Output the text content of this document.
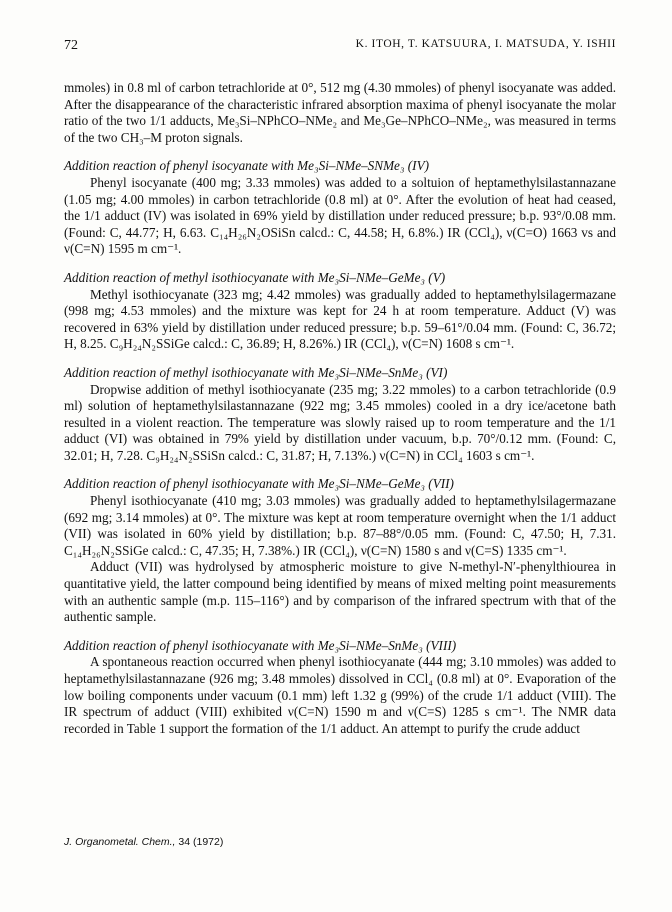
72	K. ITOH, T. KATSUURA, I. MATSUDA, Y. ISHII

mmoles) in 0.8 ml of carbon tetrachloride at 0°, 512 mg (4.30 mmoles) of phenyl isocyanate was added. After the disappearance of the characteristic infrared absorption maxima of phenyl isocyanate the molar ratio of the two 1/1 adducts, Me₃Si–NPhCO–NMe₂ and Me₃Ge–NPhCO–NMe₂, was measured in terms of the two CH₃–M proton signals.

Addition reaction of phenyl isocyanate with Me₃Si–NMe–SNMe₃ (IV)

Phenyl isocyanate (400 mg; 3.33 mmoles) was added to a soltuion of heptamethylsilastannazane (1.05 mg; 4.00 mmoles) in carbon tetrachloride (0.8 ml) at 0°. After the evolution of heat had ceased, the 1/1 adduct (IV) was isolated in 69% yield by distillation under reduced pressure; b.p. 93°/0.08 mm. (Found: C, 44.77; H, 6.63. C₁₄H₂₆N₂OSiSn calcd.: C, 44.58; H, 6.8%.) IR (CCl₄), ν(C=O) 1663 vs and ν(C=N) 1595 m cm⁻¹.

Addition reaction of methyl isothiocyanate with Me₃Si–NMe–GeMe₃ (V)

Methyl isothiocyanate (323 mg; 4.42 mmoles) was gradually added to heptamethylsilagermazane (998 mg; 4.53 mmoles) and the mixture was kept for 24 h at room temperature. Adduct (V) was recovered in 63% yield by distillation under reduced pressure; b.p. 59–61°/0.04 mm. (Found: C, 36.72; H, 8.25. C₉H₂₄N₂SSiGe calcd.: C, 36.89; H, 8.26%.) IR (CCl₄), ν(C=N) 1608 s cm⁻¹.

Addition reaction of methyl isothiocyanate with Me₃Si–NMe–SnMe₃ (VI)

Dropwise addition of methyl isothiocyanate (235 mg; 3.22 mmoles) to a carbon tetrachloride (0.9 ml) solution of heptamethylsilastannazane (922 mg; 3.45 mmoles) cooled in a dry ice/acetone bath resulted in a violent reaction. The temperature was slowly raised up to room temperature and the 1/1 adduct (VI) was obtained in 79% yield by distillation under vacuum, b.p. 70°/0.12 mm. (Found: C, 32.01; H, 7.28. C₉H₂₄N₂SSiSn calcd.: C, 31.87; H, 7.13%.) ν(C=N) in CCl₄ 1603 s cm⁻¹.

Addition reaction of phenyl isothiocyanate with Me₃Si–NMe–GeMe₃ (VII)

Phenyl isothiocyanate (410 mg; 3.03 mmoles) was gradually added to heptamethylsilagermazane (692 mg; 3.14 mmoles) at 0°. The mixture was kept at room temperature overnight when the 1/1 adduct (VII) was isolated in 60% yield by distillation; b.p. 87–88°/0.05 mm. (Found: C, 47.50; H, 7.31. C₁₄H₂₆N₂SSiGe calcd.: C, 47.35; H, 7.38%.) IR (CCl₄), ν(C=N) 1580 s and ν(C=S) 1335 cm⁻¹.

Adduct (VII) was hydrolysed by atmospheric moisture to give N-methyl-N′-phenylthiourea in quantitative yield, the latter compound being identified by means of mixed melting point measurements with an authentic sample (m.p. 115–116°) and by comparison of the infrared spectrum with that of the authentic sample.

Addition reaction of phenyl isothiocyanate with Me₃Si–NMe–SnMe₃ (VIII)

A spontaneous reaction occurred when phenyl isothiocyanate (444 mg; 3.10 mmoles) was added to heptamethylsilastannazane (926 mg; 3.48 mmoles) dissolved in CCl₄ (0.8 ml) at 0°. Evaporation of the low boiling components under vacuum (0.1 mm) left 1.32 g (99%) of the crude 1/1 adduct (VIII). The IR spectrum of adduct (VIII) exhibited ν(C=N) 1590 m and ν(C=S) 1285 s cm⁻¹. The NMR data recorded in Table 1 support the formation of the 1/1 adduct. An attempt to purify the crude adduct

J. Organometal. Chem., 34 (1972)
